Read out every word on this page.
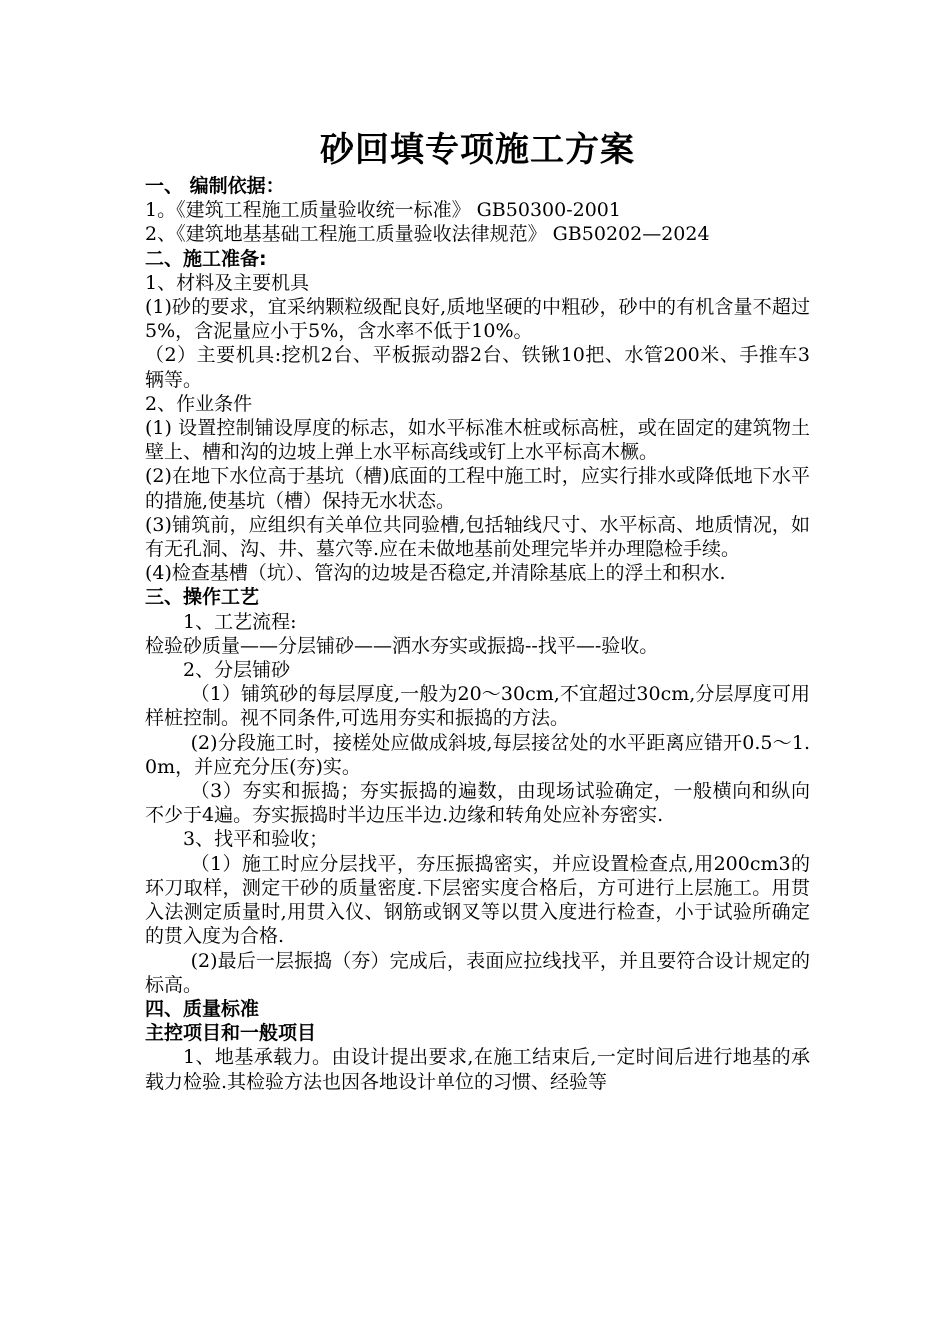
砂回填专项施工方案

一、 编制依据：

1。《建筑工程施工质量验收统一标准》 GB50300-2001

2、《建筑地基基础工程施工质量验收法律规范》 GB50202—2024

二、施工准备:

1、材料及主要机具

(1)砂的要求，宜采纳颗粒级配良好,质地坚硬的中粗砂，砂中的有机含量不超过5%，含泥量应小于5%，含水率不低于10%。

（2）主要机具:挖机2台、平板振动器2台、铁锹10把、水管200米、手推车3辆等。

2、作业条件

(1) 设置控制铺设厚度的标志，如水平标准木桩或标高桩，或在固定的建筑物土壁上、槽和沟的边坡上弹上水平标高线或钉上水平标高木橛。

(2)在地下水位高于基坑（槽)底面的工程中施工时，应实行排水或降低地下水平的措施,使基坑（槽）保持无水状态。

(3)铺筑前，应组织有关单位共同验槽,包括轴线尺寸、水平标高、地质情况，如有无孔洞、沟、井、墓穴等.应在未做地基前处理完毕并办理隐检手续。

(4)检查基槽（坑）、管沟的边坡是否稳定,并清除基底上的浮土和积水.

三、操作工艺

1、工艺流程:

检验砂质量——分层铺砂——洒水夯实或振捣--找平—-验收。

2、分层铺砂

（1）铺筑砂的每层厚度,一般为20～30cm,不宜超过30cm,分层厚度可用样桩控制。视不同条件,可选用夯实和振捣的方法。

(2)分段施工时，接槎处应做成斜坡,每层接岔处的水平距离应错开0.5～1.0m，并应充分压(夯)实。

（3）夯实和振捣；夯实振捣的遍数，由现场试验确定，一般横向和纵向不少于4遍。夯实振捣时半边压半边.边缘和转角处应补夯密实.

3、找平和验收；

（1）施工时应分层找平，夯压振捣密实，并应设置检查点,用200cm3的环刀取样，测定干砂的质量密度.下层密实度合格后，方可进行上层施工。用贯入法测定质量时,用贯入仪、钢筋或钢叉等以贯入度进行检查，小于试验所确定的贯入度为合格.

(2)最后一层振捣（夯）完成后，表面应拉线找平，并且要符合设计规定的标高。

四、质量标准

主控项目和一般项目

1、地基承载力。由设计提出要求,在施工结束后,一定时间后进行地基的承载力检验.其检验方法也因各地设计单位的习惯、经验等
